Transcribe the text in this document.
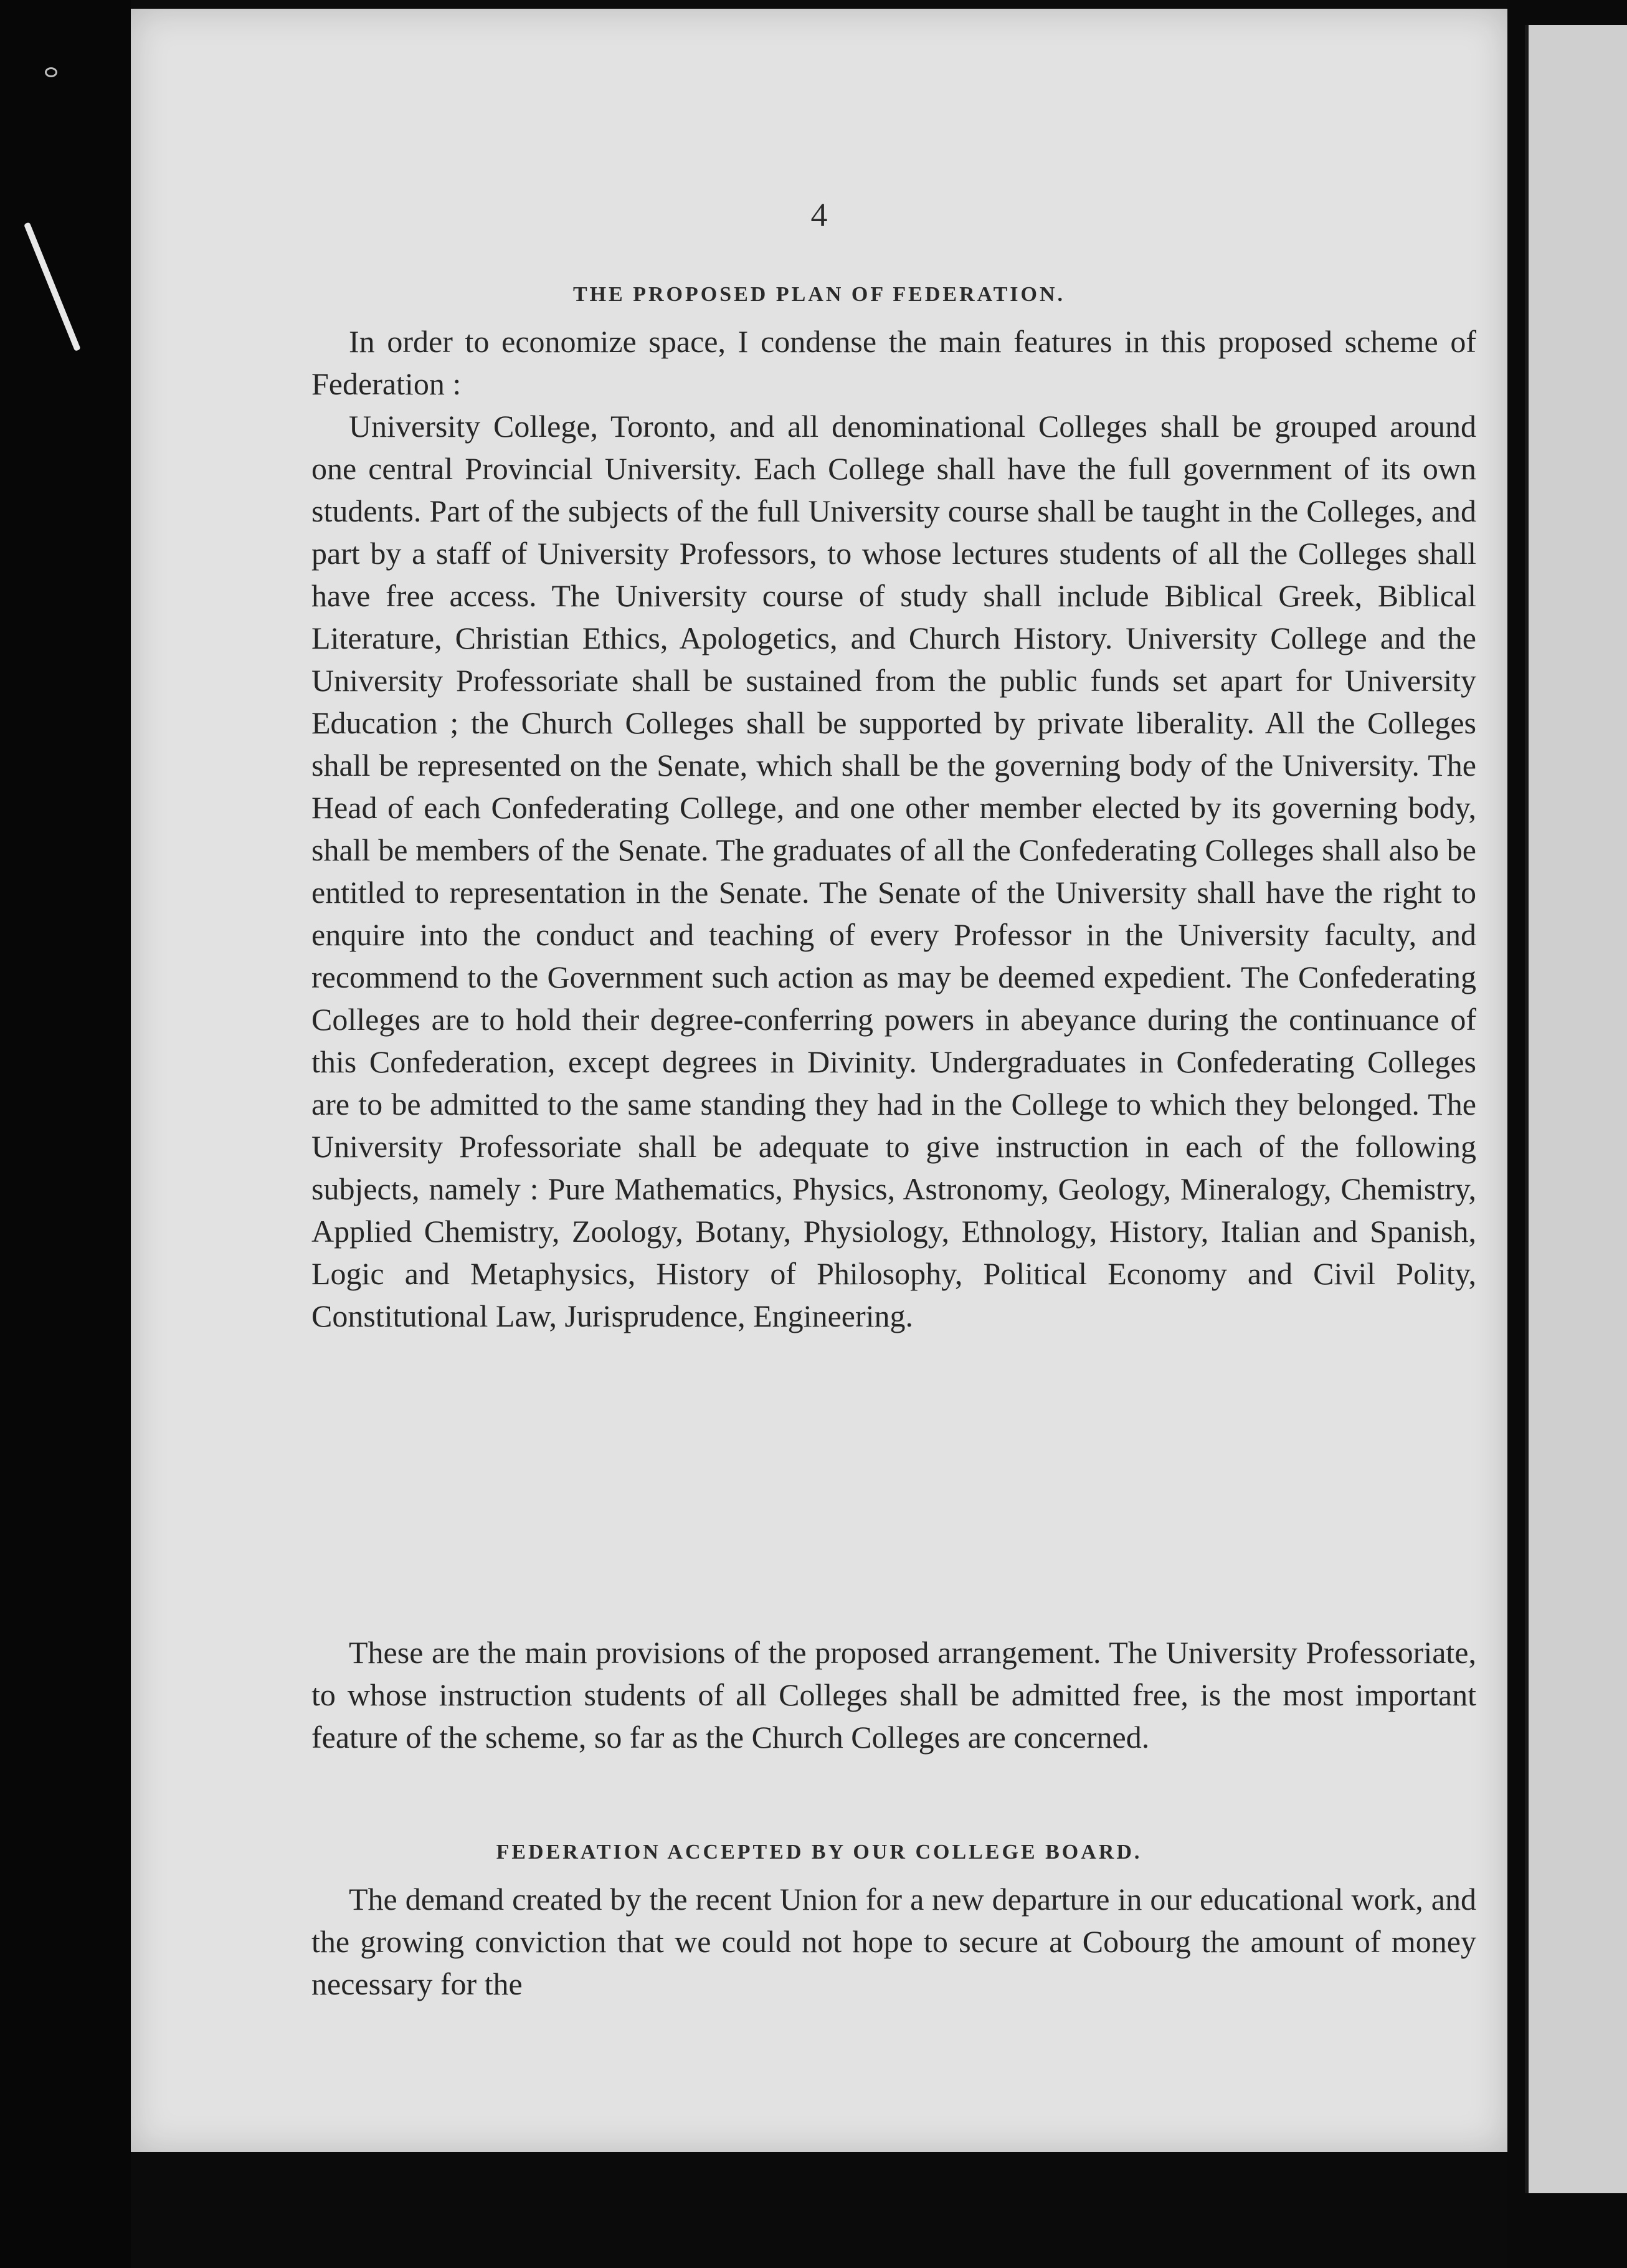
4
THE PROPOSED PLAN OF FEDERATION.

In order to economize space, I condense the main features in this proposed scheme of Federation :

University College, Toronto, and all denominational Colleges shall be grouped around one central Provincial University. Each College shall have the full government of its own students. Part of the subjects of the full University course shall be taught in the Colleges, and part by a staff of University Professors, to whose lectures students of all the Colleges shall have free access. The University course of study shall include Biblical Greek, Biblical Literature, Christian Ethics, Apologetics, and Church History. University College and the University Professoriate shall be sustained from the public funds set apart for University Education ; the Church Colleges shall be supported by private liberality. All the Colleges shall be represented on the Senate, which shall be the governing body of the University. The Head of each Confederating College, and one other member elected by its governing body, shall be members of the Senate. The graduates of all the Confederating Colleges shall also be entitled to representation in the Senate. The Senate of the University shall have the right to enquire into the conduct and teaching of every Professor in the University faculty, and recommend to the Government such action as may be deemed expedient. The Confederating Colleges are to hold their degree-conferring powers in abeyance during the continuance of this Confederation, except degrees in Divinity. Undergraduates in Confederating Colleges are to be admitted to the same standing they had in the College to which they belonged. The University Professoriate shall be adequate to give instruction in each of the following subjects, namely : Pure Mathematics, Physics, Astronomy, Geology, Mineralogy, Chemistry, Applied Chemistry, Zoology, Botany, Physiology, Ethnology, History, Italian and Spanish, Logic and Metaphysics, History of Philosophy, Political Economy and Civil Polity, Constitutional Law, Jurisprudence, Engineering.

These are the main provisions of the proposed arrangement. The University Professoriate, to whose instruction students of all Colleges shall be admitted free, is the most important feature of the scheme, so far as the Church Colleges are concerned.

FEDERATION ACCEPTED BY OUR COLLEGE BOARD.

The demand created by the recent Union for a new departure in our educational work, and the growing conviction that we could not hope to secure at Cobourg the amount of money necessary for the
